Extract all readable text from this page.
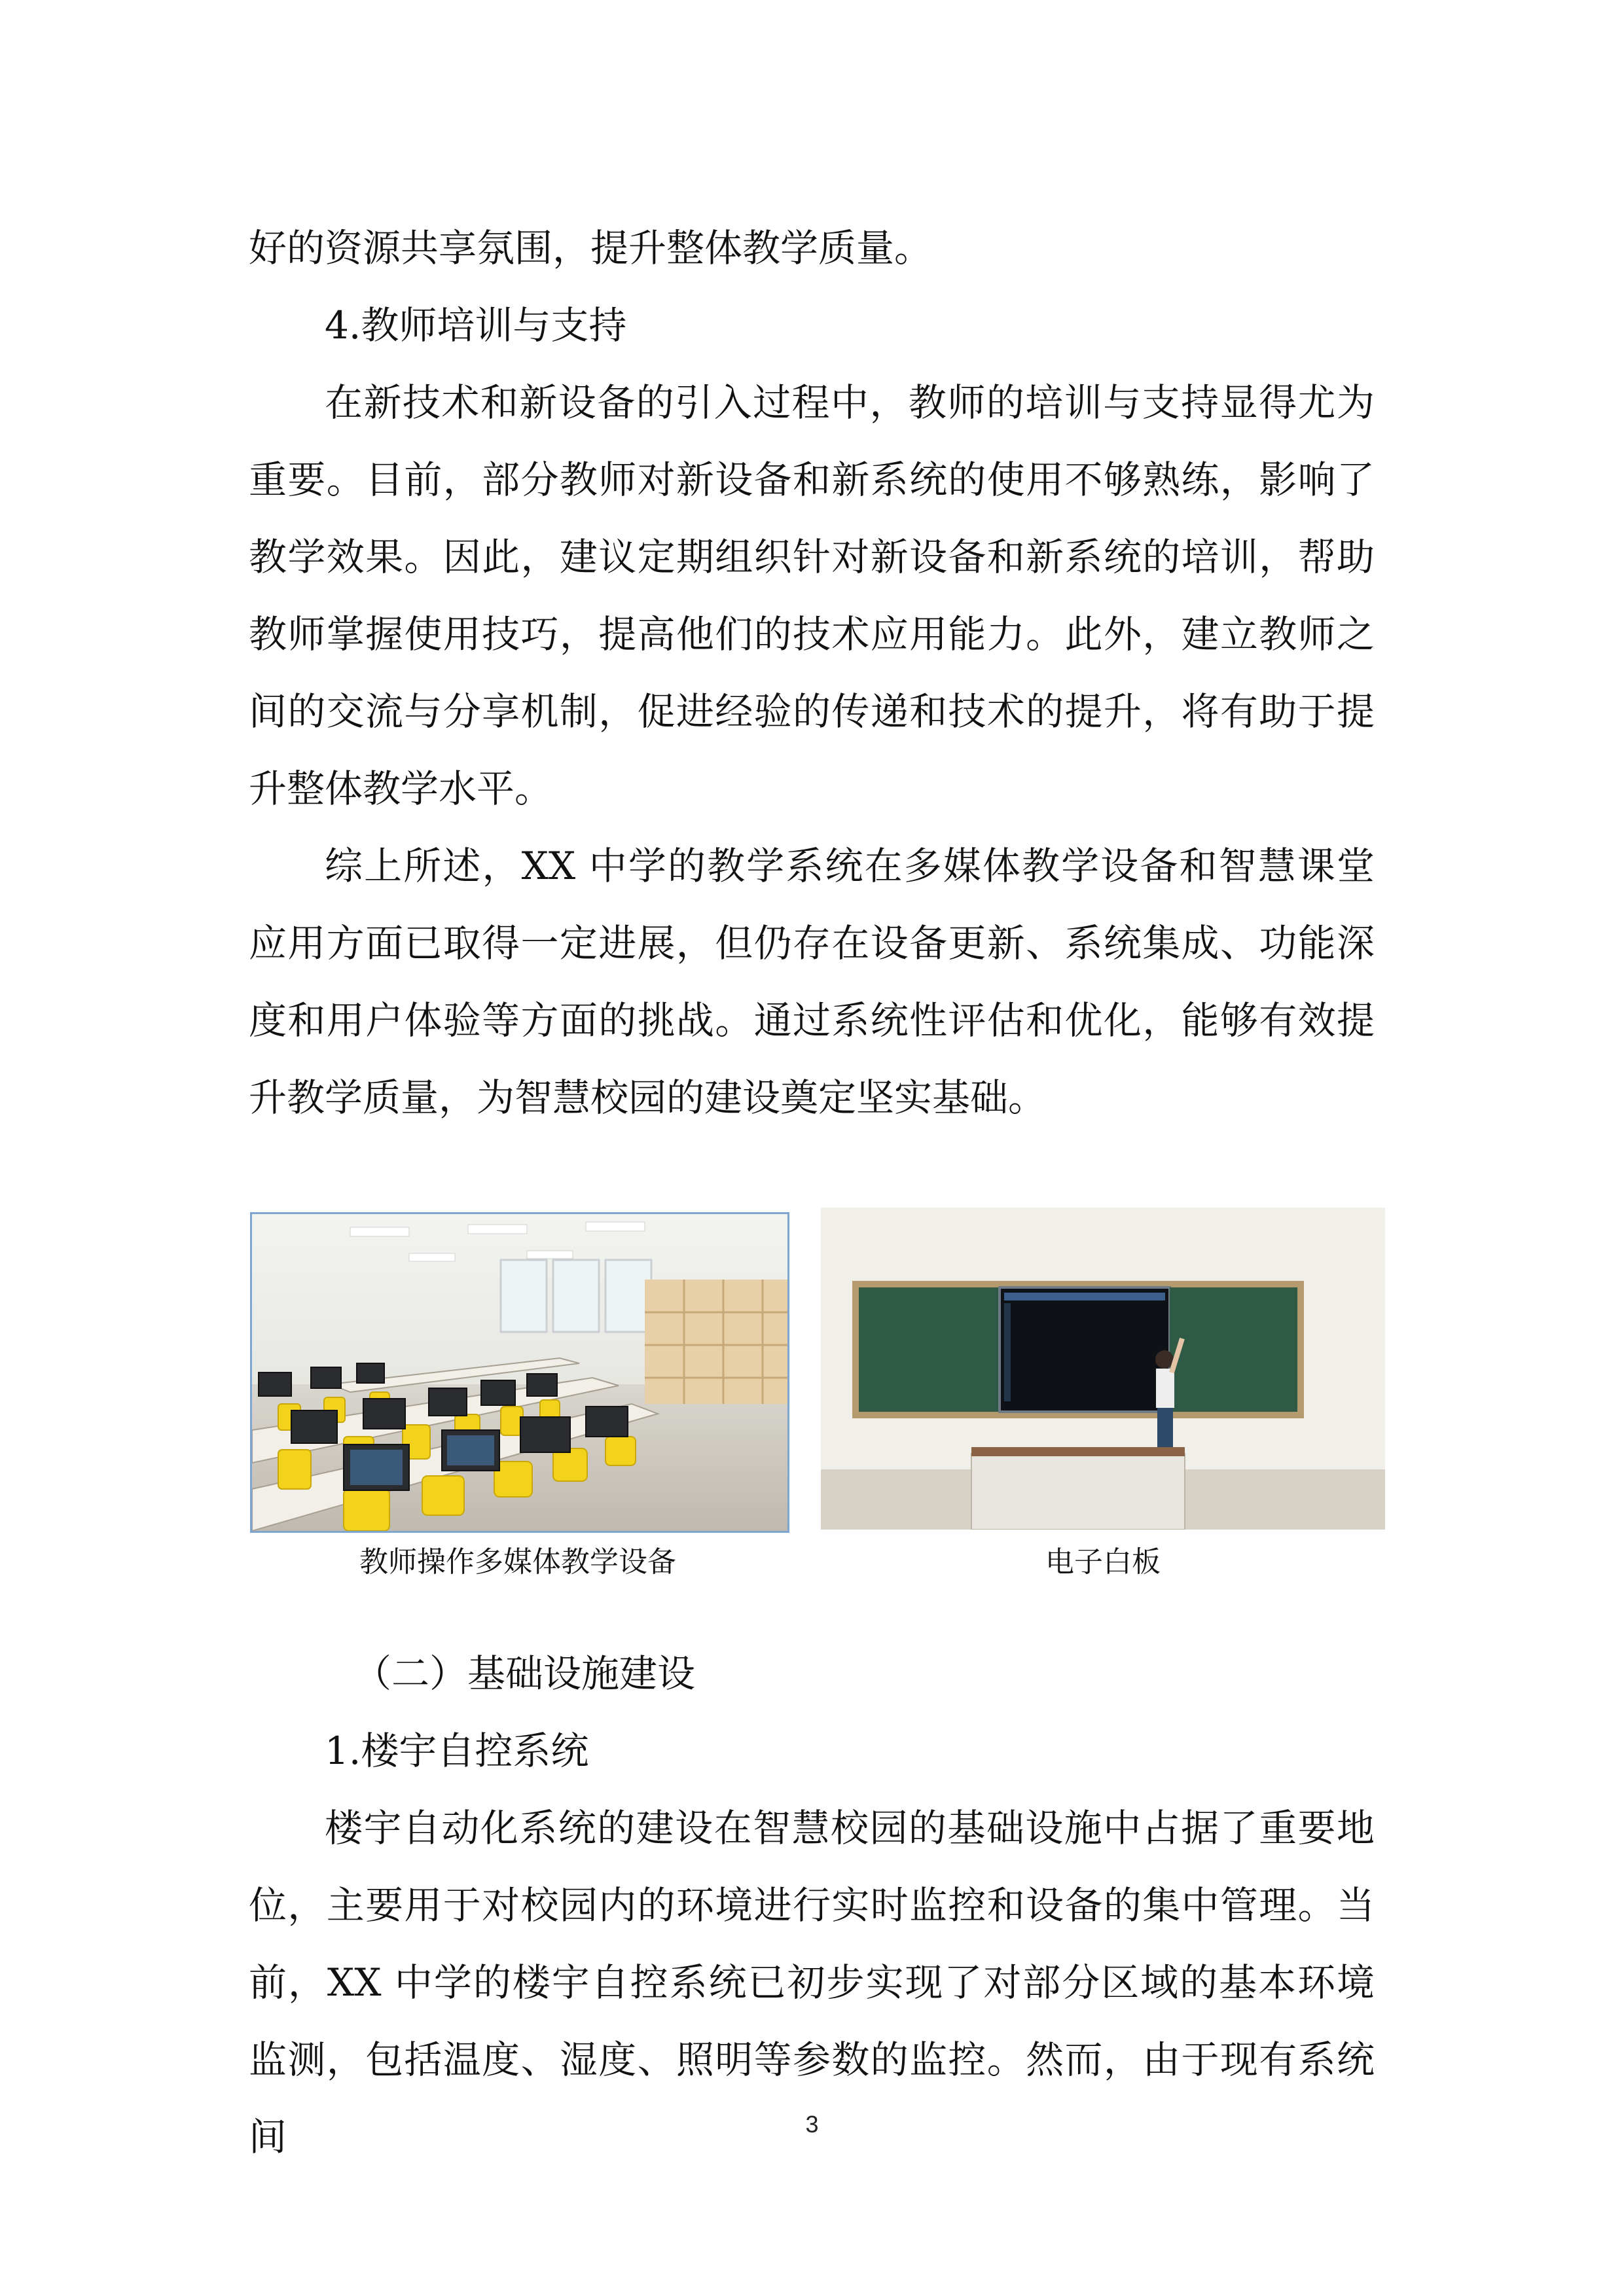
好的资源共享氛围，提升整体教学质量。

4.教师培训与支持

在新技术和新设备的引入过程中，教师的培训与支持显得尤为重要。目前，部分教师对新设备和新系统的使用不够熟练，影响了教学效果。因此，建议定期组织针对新设备和新系统的培训，帮助教师掌握使用技巧，提高他们的技术应用能力。此外，建立教师之间的交流与分享机制，促进经验的传递和技术的提升，将有助于提升整体教学水平。

综上所述，XX 中学的教学系统在多媒体教学设备和智慧课堂应用方面已取得一定进展，但仍存在设备更新、系统集成、功能深度和用户体验等方面的挑战。通过系统性评估和优化，能够有效提升教学质量，为智慧校园的建设奠定坚实基础。

教师操作多媒体教学设备	电子白板

（二）基础设施建设

1.楼宇自控系统

楼宇自动化系统的建设在智慧校园的基础设施中占据了重要地位，主要用于对校园内的环境进行实时监控和设备的集中管理。当前，XX 中学的楼宇自控系统已初步实现了对部分区域的基本环境监测，包括温度、湿度、照明等参数的监控。然而，由于现有系统间	3
